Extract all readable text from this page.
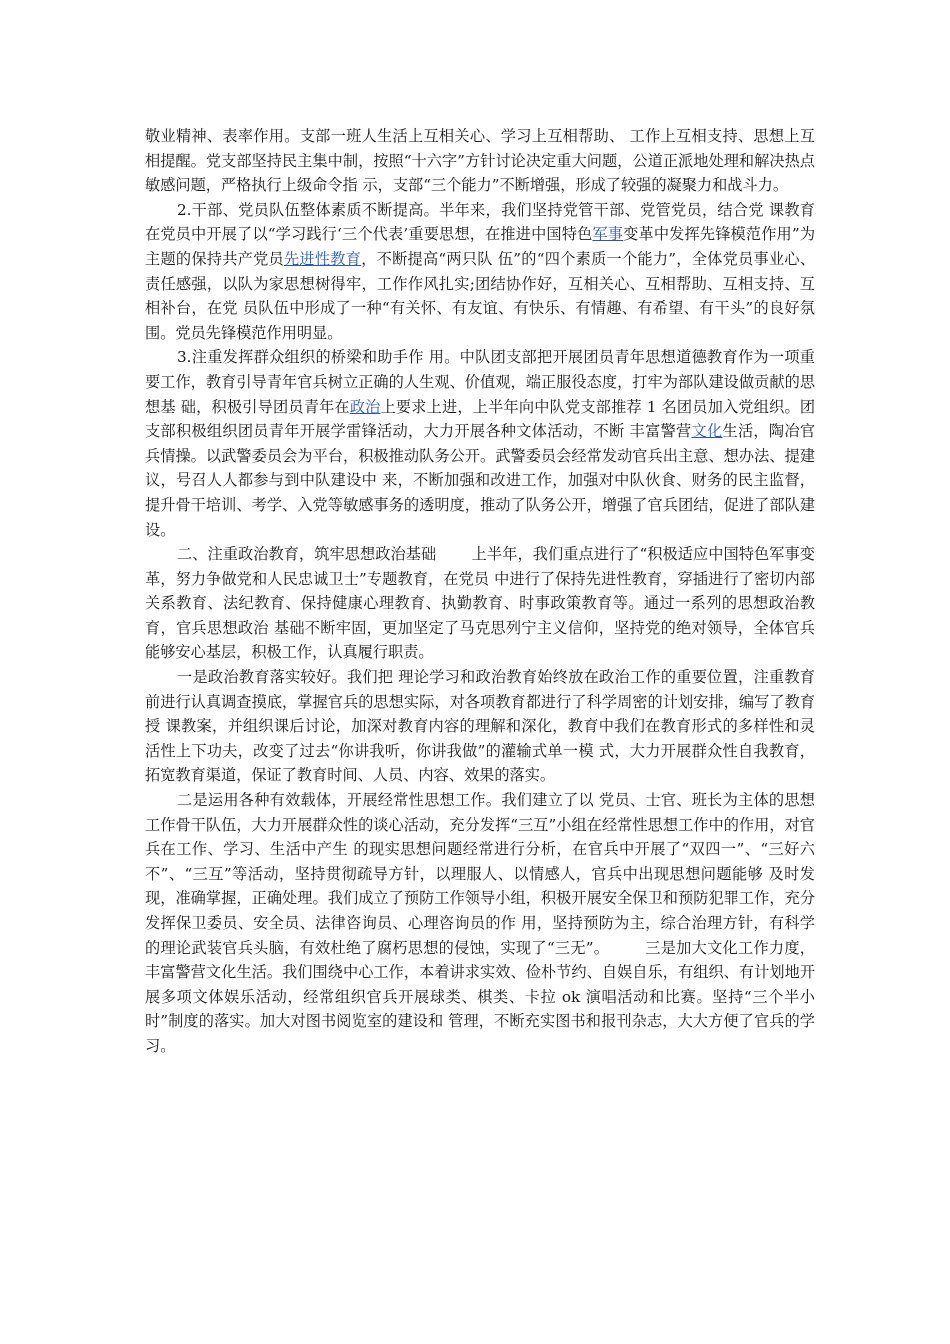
敬业精神、表率作用。支部一班人生活上互相关心、学习上互相帮助、 工作上互相支持、思想上互相提醒。党支部坚持民主集中制，按照“十六字”方针讨论决定重大问题，公道正派地处理和解决热点敏感问题，严格执行上级命令指 示，支部“三个能力”不断增强，形成了较强的凝聚力和战斗力。

2.干部、党员队伍整体素质不断提高。半年来，我们坚持党管干部、党管党员，结合党 课教育在党员中开展了以“学习践行‘三个代表’重要思想，在推进中国特色军事变革中发挥先锋模范作用”为主题的保持共产党员先进性教育，不断提高“两只队 伍”的“四个素质一个能力”，全体党员事业心、责任感强，以队为家思想树得牢，工作作风扎实;团结协作好，互相关心、互相帮助、互相支持、互相补台，在党 员队伍中形成了一种“有关怀、有友谊、有快乐、有情趣、有希望、有干头”的良好氛围。党员先锋模范作用明显。

3.注重发挥群众组织的桥梁和助手作 用。中队团支部把开展团员青年思想道德教育作为一项重要工作，教育引导青年官兵树立正确的人生观、价值观，端正服役态度，打牢为部队建设做贡献的思想基 础，积极引导团员青年在政治上要求上进，上半年向中队党支部推荐 1 名团员加入党组织。团支部积极组织团员青年开展学雷锋活动，大力开展各种文体活动，不断 丰富警营文化生活，陶冶官兵情操。以武警委员会为平台，积极推动队务公开。武警委员会经常发动官兵出主意、想办法、提建议，号召人人都参与到中队建设中 来，不断加强和改进工作，加强对中队伙食、财务的民主监督，提升骨干培训、考学、入党等敏感事务的透明度，推动了队务公开，增强了官兵团结，促进了部队建 设。

二、注重政治教育，筑牢思想政治基础 　　上半年，我们重点进行了“积极适应中国特色军事变革，努力争做党和人民忠诚卫士”专题教育，在党员 中进行了保持先进性教育，穿插进行了密切内部关系教育、法纪教育、保持健康心理教育、执勤教育、时事政策教育等。通过一系列的思想政治教育，官兵思想政治 基础不断牢固，更加坚定了马克思列宁主义信仰，坚持党的绝对领导，全体官兵能够安心基层，积极工作，认真履行职责。

一是政治教育落实较好。我们把 理论学习和政治教育始终放在政治工作的重要位置，注重教育前进行认真调查摸底，掌握官兵的思想实际，对各项教育都进行了科学周密的计划安排，编写了教育授 课教案，并组织课后讨论，加深对教育内容的理解和深化，教育中我们在教育形式的多样性和灵活性上下功夫，改变了过去“你讲我听，你讲我做”的灌输式单一模 式，大力开展群众性自我教育，拓宽教育渠道，保证了教育时间、人员、内容、效果的落实。

二是运用各种有效载体，开展经常性思想工作。我们建立了以 党员、士官、班长为主体的思想工作骨干队伍，大力开展群众性的谈心活动，充分发挥“三互”小组在经常性思想工作中的作用，对官兵在工作、学习、生活中产生 的现实思想问题经常进行分析，在官兵中开展了“双四一”、“三好六不”、“三互”等活动，坚持贯彻疏导方针，以理服人、以情感人，官兵中出现思想问题能够 及时发现，准确掌握，正确处理。我们成立了预防工作领导小组，积极开展安全保卫和预防犯罪工作，充分发挥保卫委员、安全员、法律咨询员、心理咨询员的作 用，坚持预防为主，综合治理方针，有科学的理论武装官兵头脑，有效杜绝了腐朽思想的侵蚀，实现了“三无”。 　　三是加大文化工作力度，丰富警营文化生活。我们围绕中心工作，本着讲求实效、俭朴节约、自娱自乐，有组织、有计划地开展多项文体娱乐活动，经常组织官兵开展球类、棋类、卡拉 ok 演唱活动和比赛。坚持“三个半小时”制度的落实。加大对图书阅览室的建设和 管理，不断充实图书和报刊杂志，大大方便了官兵的学习。
